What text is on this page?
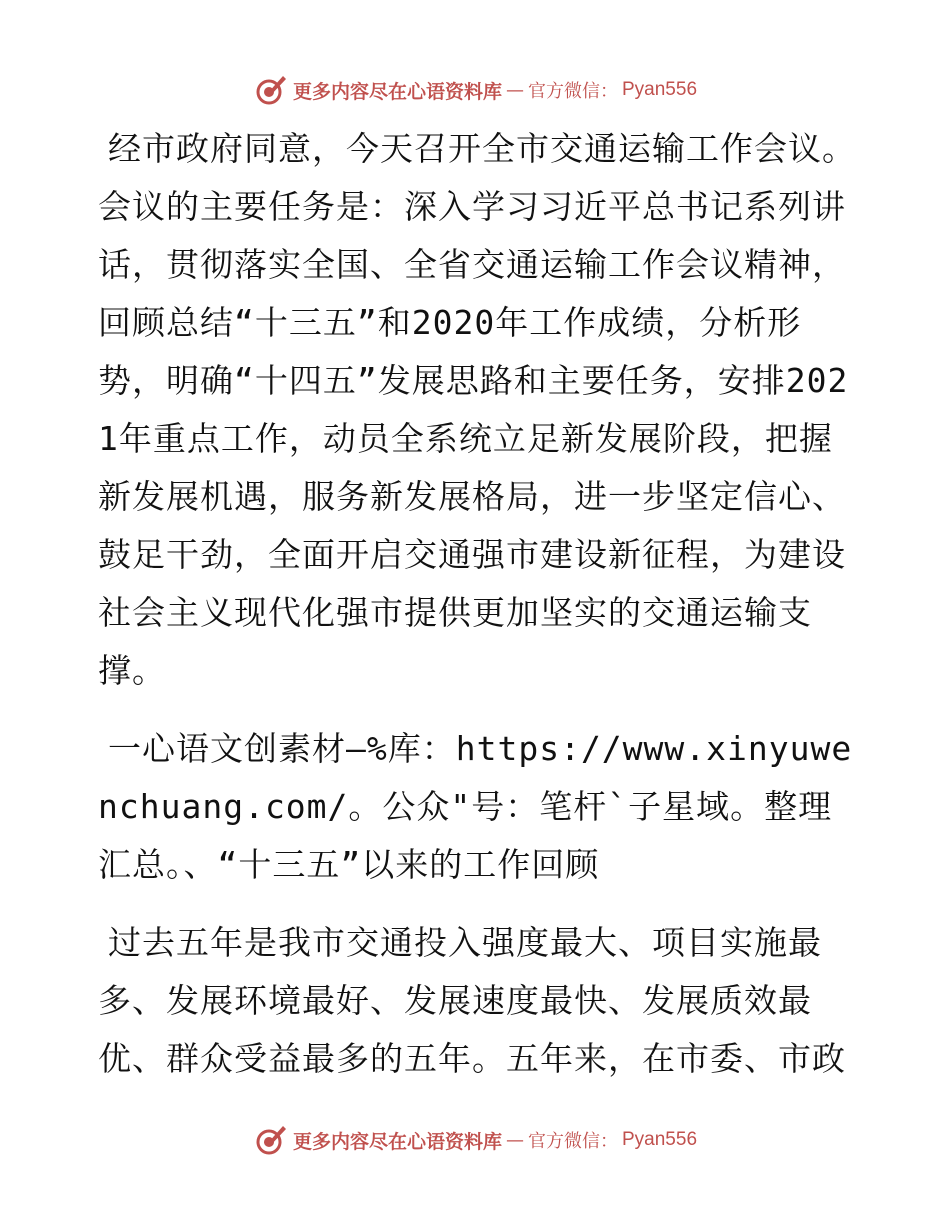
更多内容尽在心语资料库 — 官方微信： Pyan556

经市政府同意，今天召开全市交通运输工作会议。会议的主要任务是：深入学习习近平总书记系列讲话，贯彻落实全国、全省交通运输工作会议精神，回顾总结“十三五”和2020年工作成绩，分析形势，明确“十四五”发展思路和主要任务，安排2021年重点工作，动员全系统立足新发展阶段，把握新发展机遇，服务新发展格局，进一步坚定信心、鼓足干劲，全面开启交通强市建设新征程，为建设社会主义现代化强市提供更加坚实的交通运输支撑。

一心语文创素材—%库：https://www.xinyuwenchuang.com/。公众"号：笔杆`子星域。整理汇总。、“十三五”以来的工作回顾

过去五年是我市交通投入强度最大、项目实施最多、发展环境最好、发展速度最快、发展质效最优、群众受益最多的五年。五年来，在市委、市政

更多内容尽在心语资料库 — 官方微信： Pyan556
